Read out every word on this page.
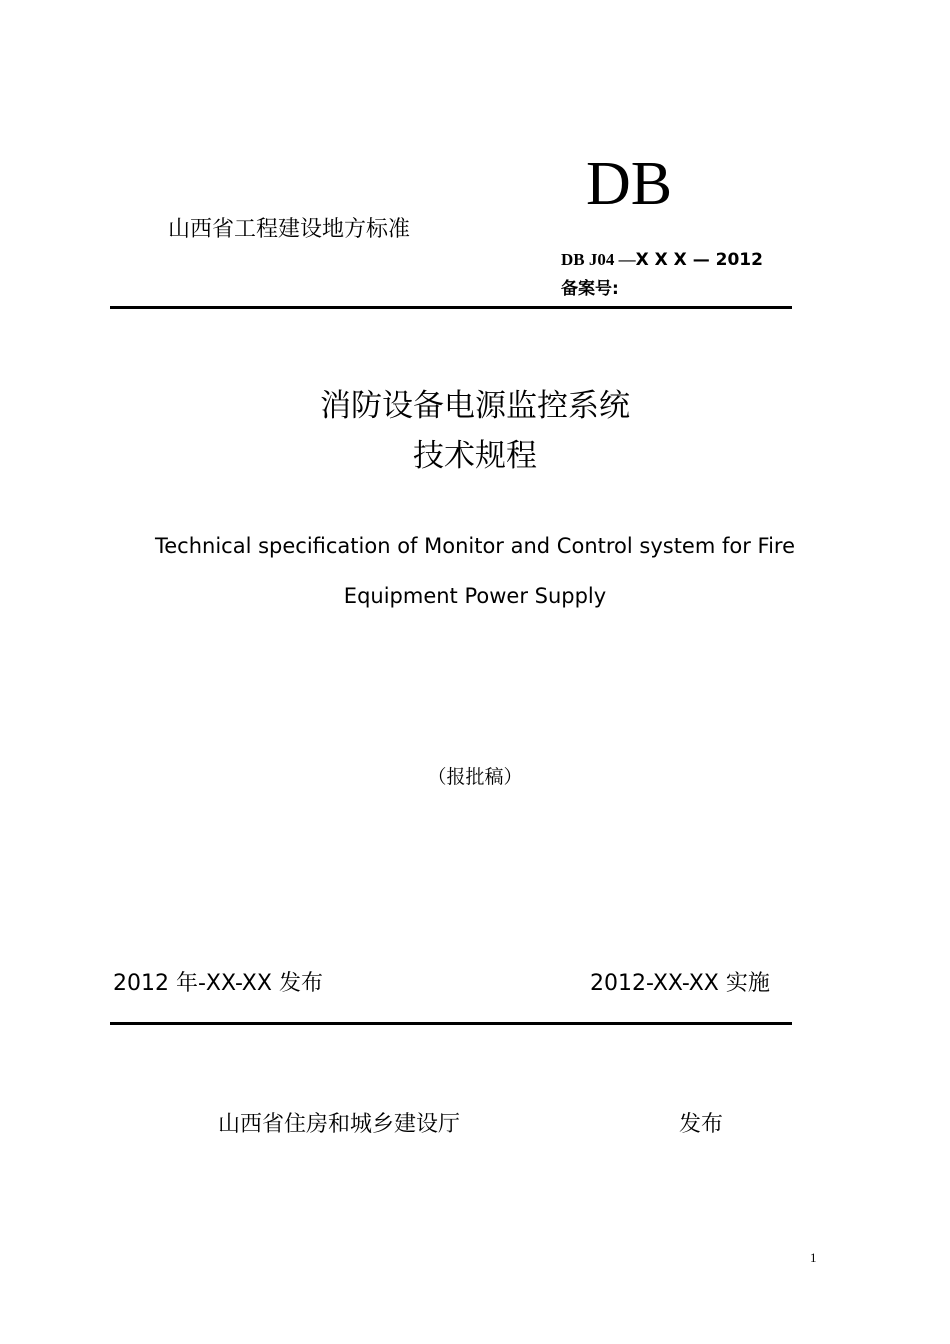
山西省工程建设地方标准
DB
DB J04 —X X X — 2012
备案号:
消防设备电源监控系统
技术规程
Technical specification of Monitor and Control system for Fire
Equipment Power Supply
（报批稿）
2012 年-XX-XX 发布	2012-XX-XX 实施
山西省住房和城乡建设厅	发布
1
